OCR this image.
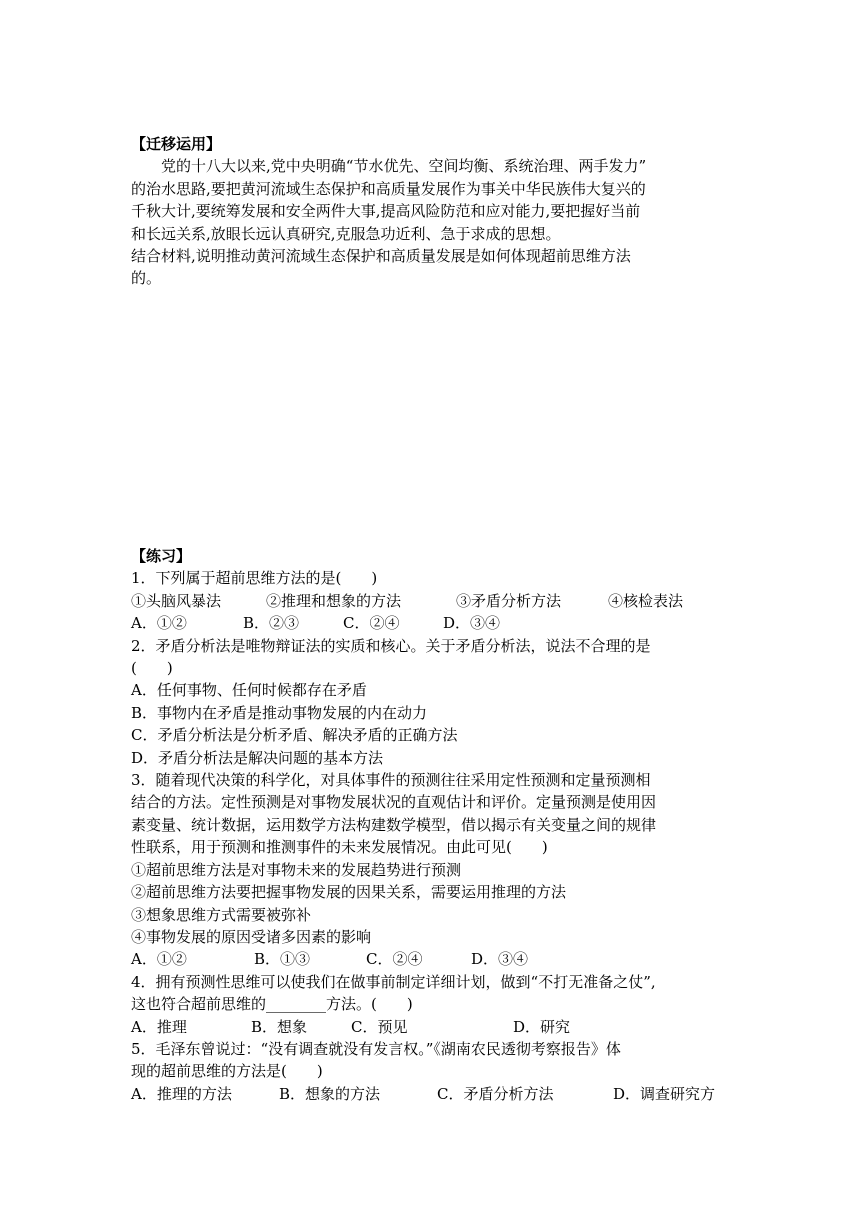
【迁移运用】
党的十八大以来,党中央明确“节水优先、空间均衡、系统治理、两手发力”
的治水思路,要把黄河流域生态保护和高质量发展作为事关中华民族伟大复兴的
千秋大计,要统筹发展和安全两件大事,提高风险防范和应对能力,要把握好当前
和长远关系,放眼长远认真研究,克服急功近利、急于求成的思想。
结合材料,说明推动黄河流域生态保护和高质量发展是如何体现超前思维方法
的。
【练习】
1．下列属于超前思维方法的是(　　)
①头脑风暴法	②推理和想象的方法	③矛盾分析方法	④核检表法
A．①②	B．②③	C．②④	D．③④
2．矛盾分析法是唯物辩证法的实质和核心。关于矛盾分析法，说法不合理的是
(　　)
A．任何事物、任何时候都存在矛盾
B．事物内在矛盾是推动事物发展的内在动力
C．矛盾分析法是分析矛盾、解决矛盾的正确方法
D．矛盾分析法是解决问题的基本方法
3．随着现代决策的科学化，对具体事件的预测往往采用定性预测和定量预测相
结合的方法。定性预测是对事物发展状况的直观估计和评价。定量预测是使用因
素变量、统计数据，运用数学方法构建数学模型，借以揭示有关变量之间的规律
性联系，用于预测和推测事件的未来发展情况。由此可见(　　)
①超前思维方法是对事物未来的发展趋势进行预测
②超前思维方法要把握事物发展的因果关系，需要运用推理的方法
③想象思维方式需要被弥补
④事物发展的原因受诸多因素的影响
A．①②	B．①③	C．②④	D．③④
4．拥有预测性思维可以使我们在做事前制定详细计划，做到“不打无准备之仗”,
这也符合超前思维的________方法。(　　)
A．推理	B．想象	C．预见	D．研究
5．毛泽东曾说过：“没有调查就没有发言权。”《湖南农民透彻考察报告》体
现的超前思维的方法是(　　)
A．推理的方法	B．想象的方法	C．矛盾分析方法	D．调查研究方
